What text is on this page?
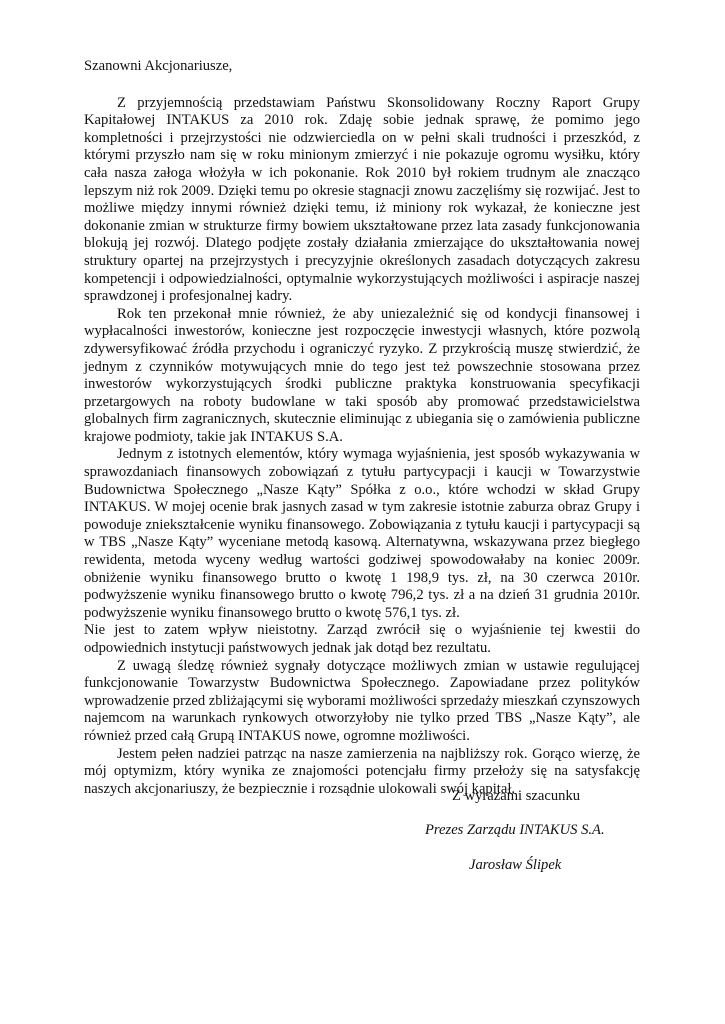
Szanowni Akcjonariusze,

Z przyjemnością przedstawiam Państwu Skonsolidowany Roczny Raport Grupy Kapitałowej INTAKUS za 2010 rok. Zdaję sobie jednak sprawę, że pomimo jego kompletności i przejrzystości nie odzwierciedla on w pełni skali trudności i przeszkód, z którymi przyszło nam się w roku minionym zmierzyć i nie pokazuje ogromu wysiłku, który cała nasza załoga włożyła w ich pokonanie. Rok 2010 był rokiem trudnym ale znacząco lepszym niż rok 2009. Dzięki temu po okresie stagnacji znowu zaczęliśmy się rozwijać. Jest to możliwe między innymi również dzięki temu, iż miniony rok wykazał, że konieczne jest dokonanie zmian w strukturze firmy bowiem ukształtowane przez lata zasady funkcjonowania blokują jej rozwój. Dlatego podjęte zostały działania zmierzające do ukształtowania nowej struktury opartej na przejrzystych i precyzyjnie określonych zasadach dotyczących zakresu kompetencji i odpowiedzialności, optymalnie wykorzystujących możliwości i aspiracje naszej sprawdzonej i profesjonalnej kadry.

Rok ten przekonał mnie również, że aby uniezależnić się od kondycji finansowej i wypłacalności inwestorów, konieczne jest rozpoczęcie inwestycji własnych, które pozwolą zdywersyfikować źródła przychodu i ograniczyć ryzyko. Z przykrością muszę stwierdzić, że jednym z czynników motywujących mnie do tego jest też powszechnie stosowana przez inwestorów wykorzystujących środki publiczne praktyka konstruowania specyfikacji przetargowych na roboty budowlane w taki sposób aby promować przedstawicielstwa globalnych firm zagranicznych, skutecznie eliminując z ubiegania się o zamówienia publiczne krajowe podmioty, takie jak INTAKUS S.A.

Jednym z istotnych elementów, który wymaga wyjaśnienia, jest sposób wykazywania w sprawozdaniach finansowych zobowiązań z tytułu partycypacji i kaucji w Towarzystwie Budownictwa Społecznego „Nasze Kąty” Spółka z o.o., które wchodzi w skład Grupy INTAKUS. W mojej ocenie brak jasnych zasad w tym zakresie istotnie zaburza obraz Grupy i powoduje zniekształcenie wyniku finansowego. Zobowiązania z tytułu kaucji i partycypacji są w TBS „Nasze Kąty” wyceniane metodą kasową. Alternatywna, wskazywana przez biegłego rewidenta, metoda wyceny według wartości godziwej spowodowałaby na koniec 2009r. obniżenie wyniku finansowego brutto o kwotę 1 198,9 tys. zł, na 30 czerwca 2010r. podwyższenie wyniku finansowego brutto o kwotę 796,2 tys. zł a na dzień 31 grudnia 2010r. podwyższenie wyniku finansowego brutto o kwotę 576,1 tys. zł.

Nie jest to zatem wpływ nieistotny. Zarząd zwrócił się o wyjaśnienie tej kwestii do odpowiednich instytucji państwowych jednak jak dotąd bez rezultatu.

Z uwagą śledzę również sygnały dotyczące możliwych zmian w ustawie regulującej funkcjonowanie Towarzystw Budownictwa Społecznego. Zapowiadane przez polityków wprowadzenie przed zbliżającymi się wyborami możliwości sprzedaży mieszkań czynszowych najemcom na warunkach rynkowych otworzyłoby nie tylko przed TBS „Nasze Kąty”, ale również przed całą Grupą INTAKUS nowe, ogromne możliwości.

Jestem pełen nadziei patrząc na nasze zamierzenia na najbliższy rok. Gorąco wierzę, że mój optymizm, który wynika ze znajomości potencjału firmy przełoży się na satysfakcję naszych akcjonariuszy, że bezpiecznie i rozsądnie ulokowali swój kapitał.

Z wyrazami szacunku
Prezes Zarządu INTAKUS S.A.
Jarosław Ślipek
